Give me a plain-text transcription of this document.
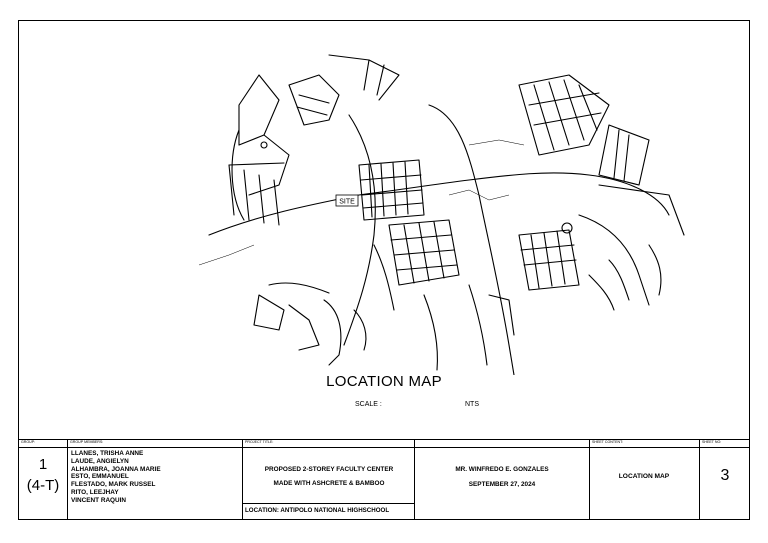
SITE
LOCATION MAP
SCALE :	NTS
GROUP:
1
(4-T)
GROUP MEMBERS:
LLANES, TRISHA ANNE
LAUDE, ANGIELYN
ALHAMBRA, JOANNA MARIE
ESTO, EMMANUEL
FLESTADO, MARK RUSSEL
RITO, LEEJHAY
VINCENT RAQUIN
PROJECT TITLE:
PROPOSED 2-STOREY FACULTY CENTER
MADE WITH ASHCRETE & BAMBOO
LOCATION: ANTIPOLO NATIONAL HIGHSCHOOL
MR. WINFREDO E. GONZALES
SEPTEMBER 27, 2024
SHEET CONTENT:
LOCATION MAP
SHEET NO:
3
